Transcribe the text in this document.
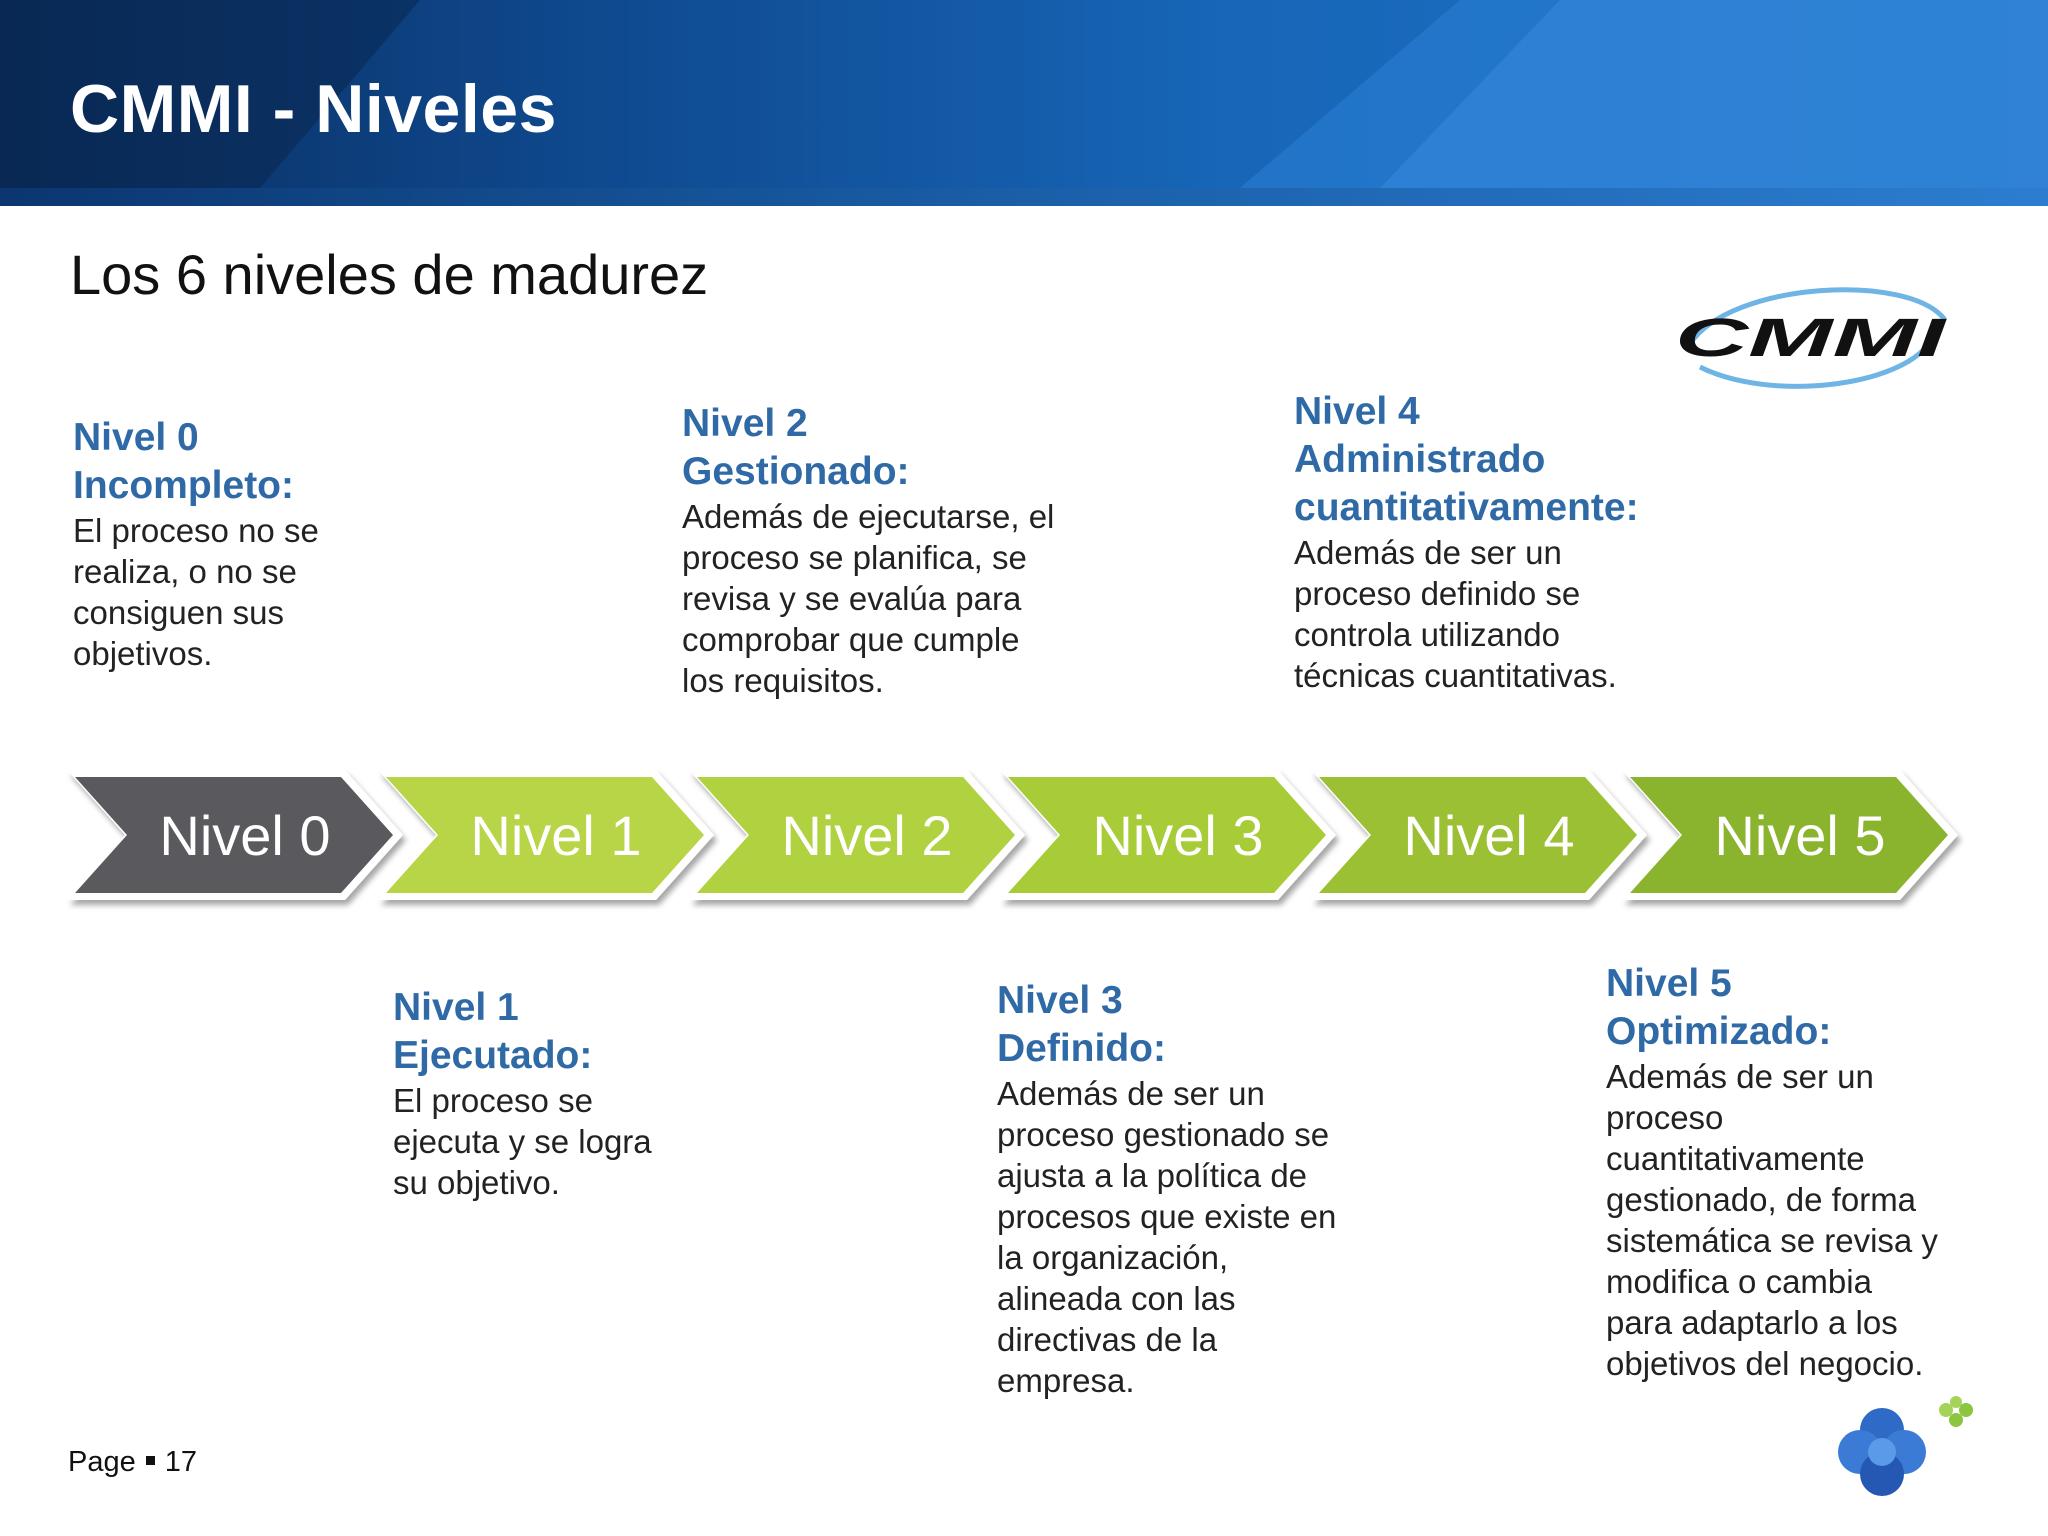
CMMI - Niveles
Los 6 niveles de madurez
CMMI

Nivel 0

Incompleto:

El proceso no se

realiza, o no se

consiguen sus

objetivos.

Nivel 2

Gestionado:

Además de ejecutarse, el

proceso se planifica, se

revisa y se evalúa para

comprobar que cumple

los requisitos.

Nivel 4

Administrado

cuantitativamente:

Además de ser un

proceso definido se

controla utilizando

técnicas cuantitativas.

Nivel 0 Nivel 1 Nivel 2 Nivel 3 Nivel 4 Nivel 5

Nivel 1

Ejecutado:

El proceso se

ejecuta y se logra

su objetivo.

Nivel 3

Definido:

Además de ser un

proceso gestionado se

ajusta a la política de

procesos que existe en

la organización,

alineada con las

directivas de la

empresa.

Nivel 5

Optimizado:

Además de ser un

proceso

cuantitativamente

gestionado, de forma

sistemática se revisa y

modifica o cambia

para adaptarlo a los

objetivos del negocio.

Page 17
